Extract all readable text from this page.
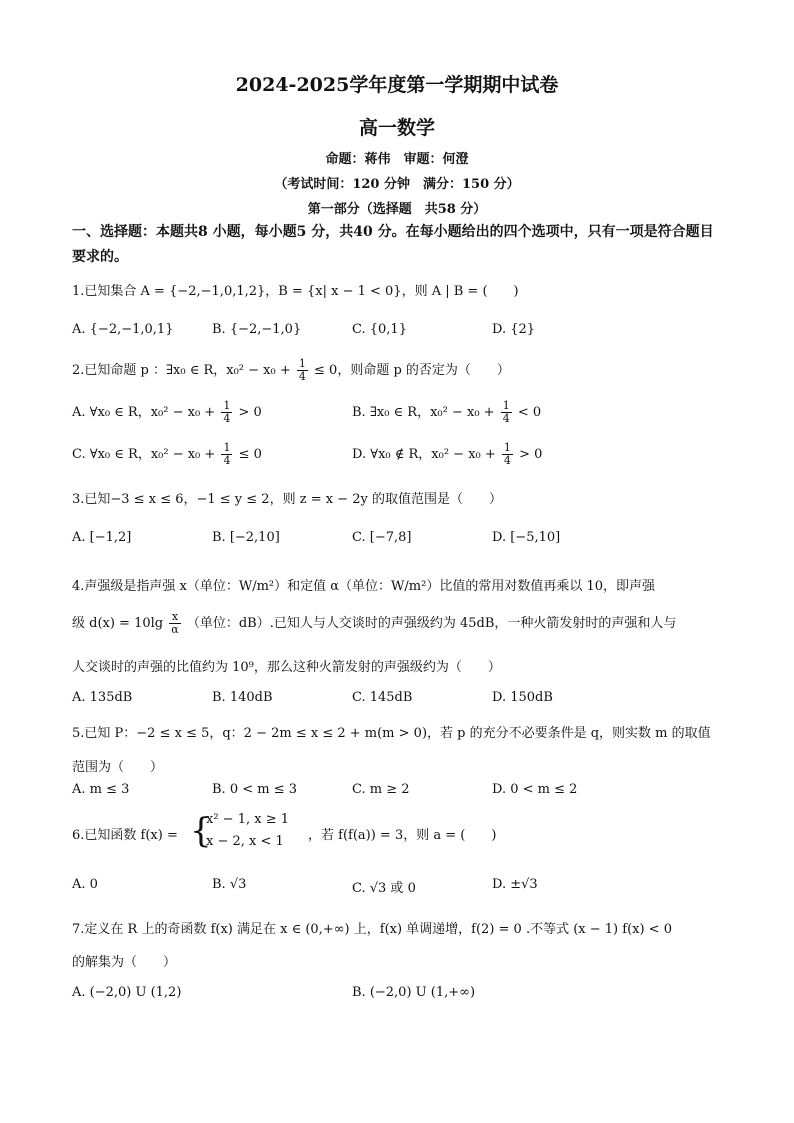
2024-2025学年度第一学期期中试卷
高一数学
命题：蒋伟　审题：何澄
（考试时间：120 分钟　满分：150 分）
第一部分（选择题　共58 分）
一、选择题：本题共8 小题，每小题5 分，共40 分。在每小题给出的四个选项中，只有一项是符合题目要求的。
1.已知集合 A = {−2,−1,0,1,2}，B = {x| x − 1 < 0}，则 A | B = (　　)
A. {−2,−1,0,1}	B. {−2,−1,0}	C. {0,1}	D. {2}
2.已知命题 p ：∃x₀ ∈ R，$x_0^2 - x_0 + \frac{1}{4} \le 0$，则命题 p 的否定为（　　）
A. ∀x₀ ∈ R，$x_0^2 - x_0 + \frac{1}{4} > 0$	B. ∃x₀ ∈ R，$x_0^2 - x_0 + \frac{1}{4} < 0$
C. ∀x₀ ∈ R，$x_0^2 - x_0 + \frac{1}{4} \le 0$	D. ∀x₀ ∉ R，$x_0^2 - x_0 + \frac{1}{4} > 0$
3.已知−3 ≤ x ≤ 6，−1 ≤ y ≤ 2，则 z = x − 2y 的取值范围是（　　）
A. [−1,2]	B. [−2,10]	C. [−7,8]	D. [−5,10]
4.声强级是指声强 x（单位：W/m²）和定值 α（单位：W/m²）比值的常用对数值再乘以 10，即声强
级 $d(x) = 10\lg \frac{x}{\alpha}$ （单位：dB）.已知人与人交谈时的声强级约为 45dB，一种火箭发射时的声强和人与
人交谈时的声强的比值约为 10⁹，那么这种火箭发射的声强级约为（　　）
A. 135dB	B. 140dB	C. 145dB	D. 150dB
5.已知 P：−2 ≤ x ≤ 5，q：2 − 2m ≤ x ≤ 2 + m(m > 0)，若 p 的充分不必要条件是 q，则实数 m 的取值
范围为（　　）
A. m ≤ 3	B. 0 < m ≤ 3	C. m ≥ 2	D. 0 < m ≤ 2
6.已知函数 f(x) = {
x² − 1, x ≥ 1
x − 2, x < 1 ，若 f(f(a)) = 3，则 a = (　　)
A. 0	B. √3	C. √3 或 0	D. ±√3
7.定义在 R 上的奇函数 f(x) 满足在 x ∈ (0,+∞) 上，f(x) 单调递增，f(2) = 0 .不等式 (x − 1) f(x) < 0
的解集为（　　）
A. (−2,0) U (1,2)	B. (−2,0) U (1,+∞)
